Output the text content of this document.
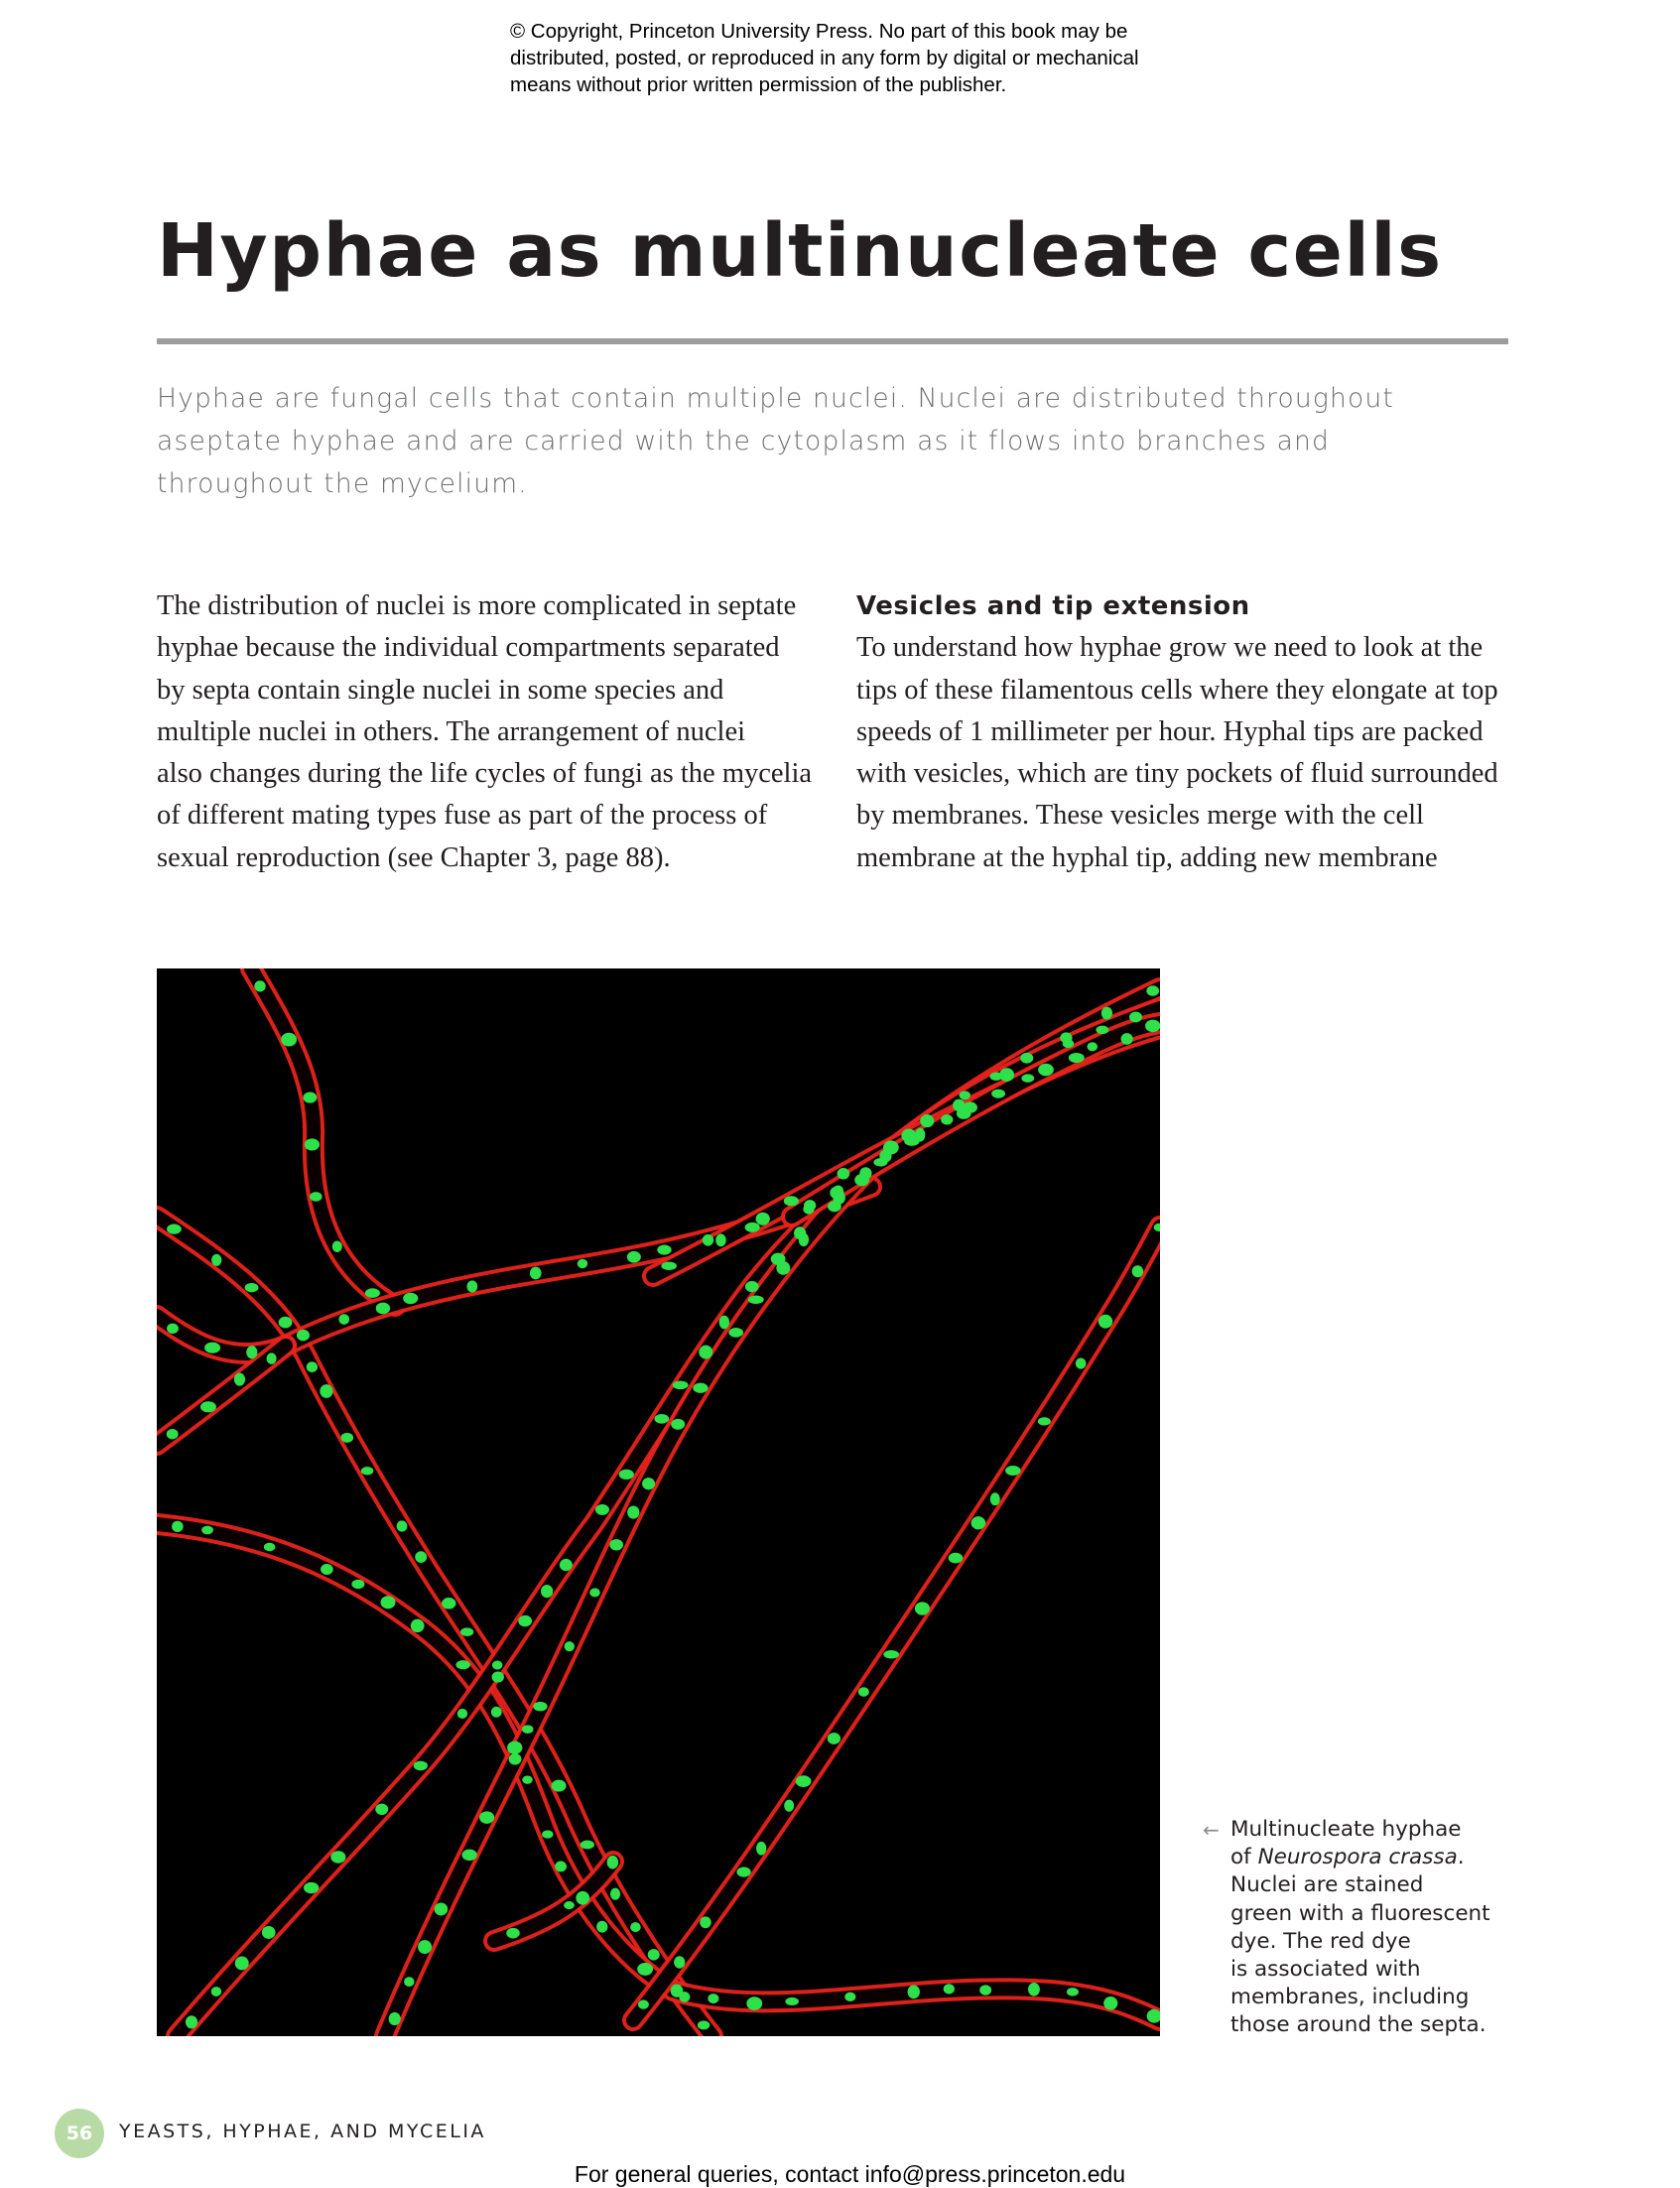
© Copyright, Princeton University Press. No part of this book may be
distributed, posted, or reproduced in any form by digital or mechanical
means without prior written permission of the publisher.
Hyphae as multinucleate cells
Hyphae are fungal cells that contain multiple nuclei. Nuclei are distributed throughout
aseptate hyphae and are carried with the cytoplasm as it flows into branches and
throughout the mycelium.
The distribution of nuclei is more complicated in septate
hyphae because the individual compartments separated
by septa contain single nuclei in some species and
multiple nuclei in others. The arrangement of nuclei
also changes during the life cycles of fungi as the mycelia
of different mating types fuse as part of the process of
sexual reproduction (see Chapter 3, page 88).
Vesicles and tip extension
To understand how hyphae grow we need to look at the
tips of these filamentous cells where they elongate at top
speeds of 1 millimeter per hour. Hyphal tips are packed
with vesicles, which are tiny pockets of fluid surrounded
by membranes. These vesicles merge with the cell
membrane at the hyphal tip, adding new membrane
← Multinucleate hyphae
of Neurospora crassa.
Nuclei are stained
green with a fluorescent
dye. The red dye
is associated with
membranes, including
those around the septa.
56	YEASTS, HYPHAE, AND MYCELIA
For general queries, contact info@press.princeton.edu
